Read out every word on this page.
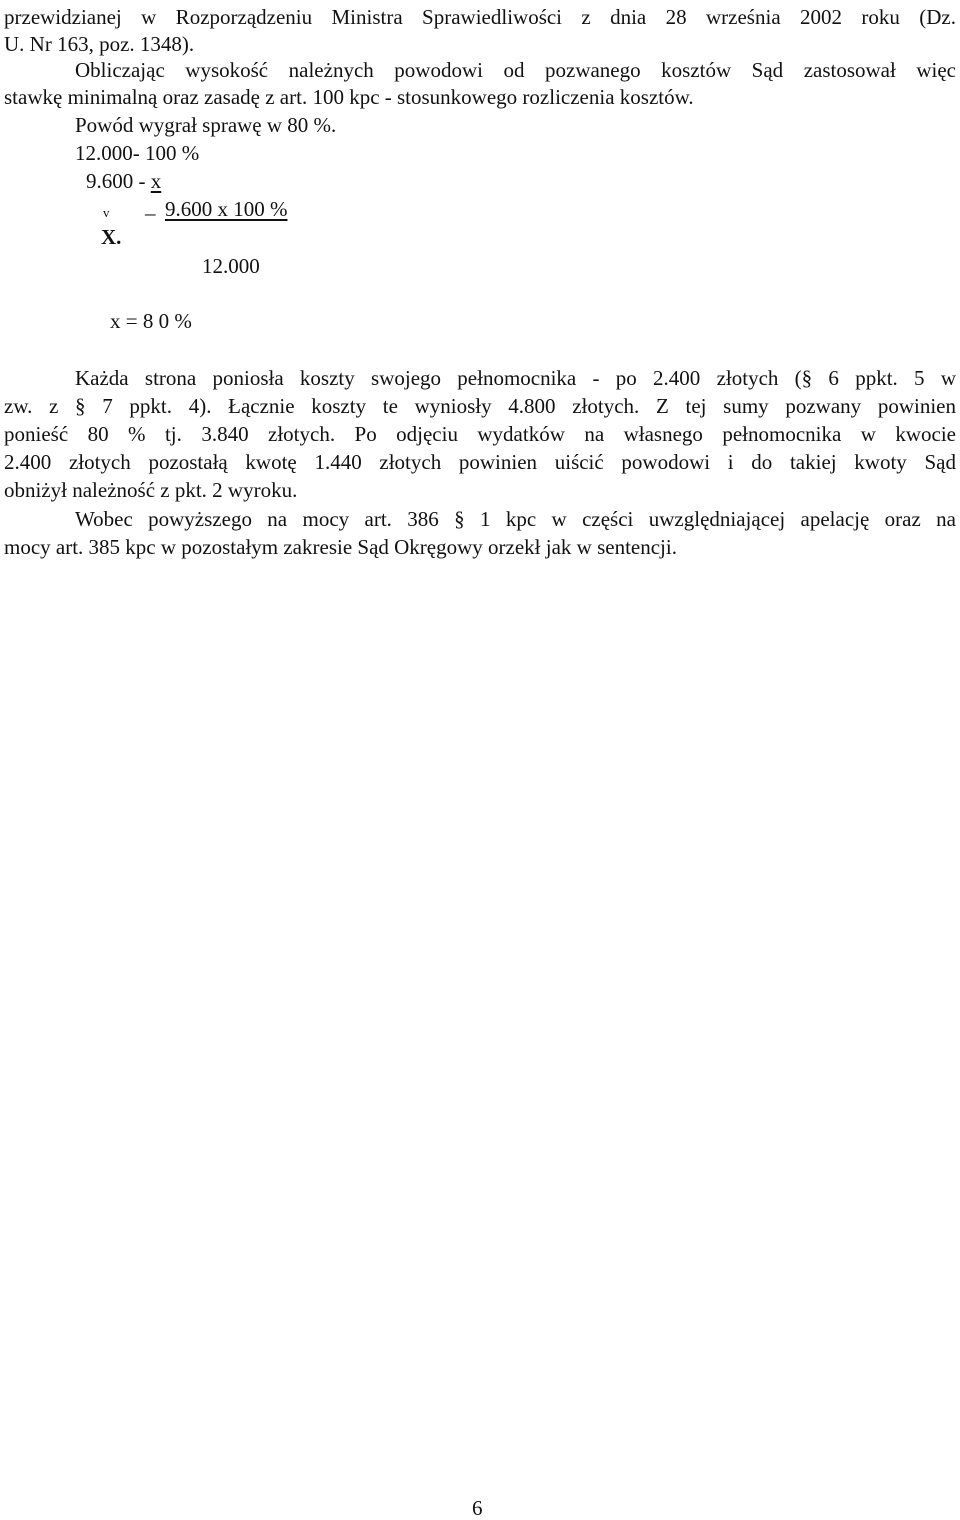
przewidzianej w Rozporządzeniu Ministra Sprawiedliwości z dnia 28 września 2002 roku (Dz.
U. Nr 163, poz. 1348).
Obliczając wysokość należnych powodowi od pozwanego kosztów Sąd zastosował więc
stawkę minimalną oraz zasadę z art. 100 kpc - stosunkowego rozliczenia kosztów.
Powód wygrał sprawę w 80 %.
12.000- 100 %
9.600 - x
v _ 9.600 x 100 %
X.
12.000
x = 8 0 %
Każda strona poniosła koszty swojego pełnomocnika - po 2.400 złotych (§ 6 ppkt. 5 w
zw. z § 7 ppkt. 4). Łącznie koszty te wyniosły 4.800 złotych. Z tej sumy pozwany powinien
ponieść 80 % tj. 3.840 złotych. Po odjęciu wydatków na własnego pełnomocnika w kwocie
2.400 złotych pozostałą kwotę 1.440 złotych powinien uiścić powodowi i do takiej kwoty Sąd
obniżył należność z pkt. 2 wyroku.
Wobec powyższego na mocy art. 386 § 1 kpc w części uwzględniającej apelację oraz na
mocy art. 385 kpc w pozostałym zakresie Sąd Okręgowy orzekł jak w sentencji.
6
